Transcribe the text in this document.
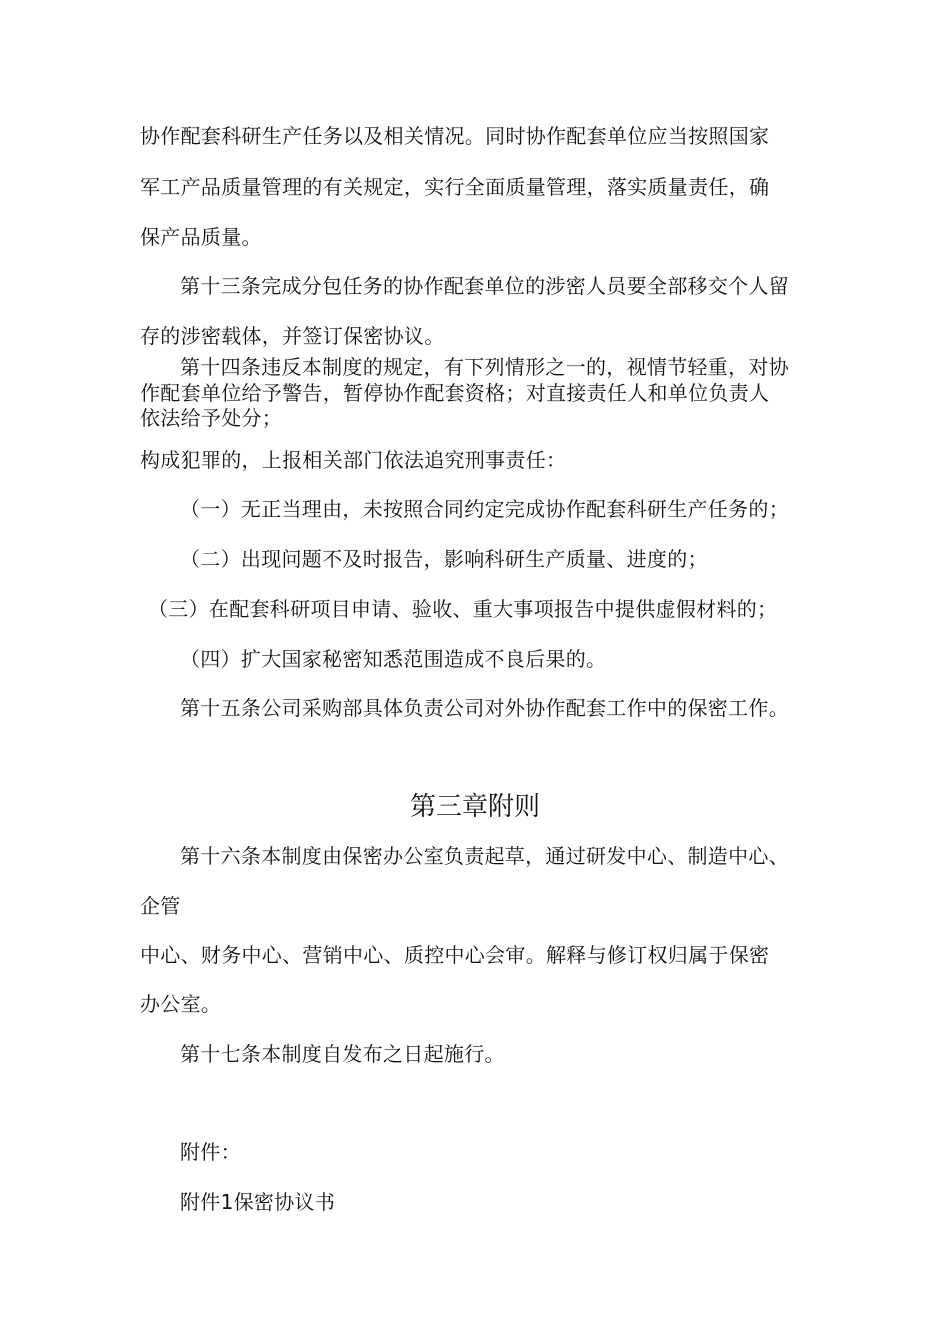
协作配套科研生产任务以及相关情况。同时协作配套单位应当按照国家
军工产品质量管理的有关规定，实行全面质量管理，落实质量责任，确
保产品质量。
第十三条完成分包任务的协作配套单位的涉密人员要全部移交个人留
存的涉密载体，并签订保密协议。
第十四条违反本制度的规定，有下列情形之一的，视情节轻重，对协
作配套单位给予警告，暂停协作配套资格；对直接责任人和单位负责人
依法给予处分；
构成犯罪的，上报相关部门依法追究刑事责任：
（一）无正当理由，未按照合同约定完成协作配套科研生产任务的；
（二）出现问题不及时报告，影响科研生产质量、进度的；
（三）在配套科研项目申请、验收、重大事项报告中提供虚假材料的；
（四）扩大国家秘密知悉范围造成不良后果的。
第十五条公司采购部具体负责公司对外协作配套工作中的保密工作。
第三章附则
第十六条本制度由保密办公室负责起草，通过研发中心、制造中心、
企管
中心、财务中心、营销中心、质控中心会审。解释与修订权归属于保密
办公室。
第十七条本制度自发布之日起施行。
附件：
附件1保密协议书
